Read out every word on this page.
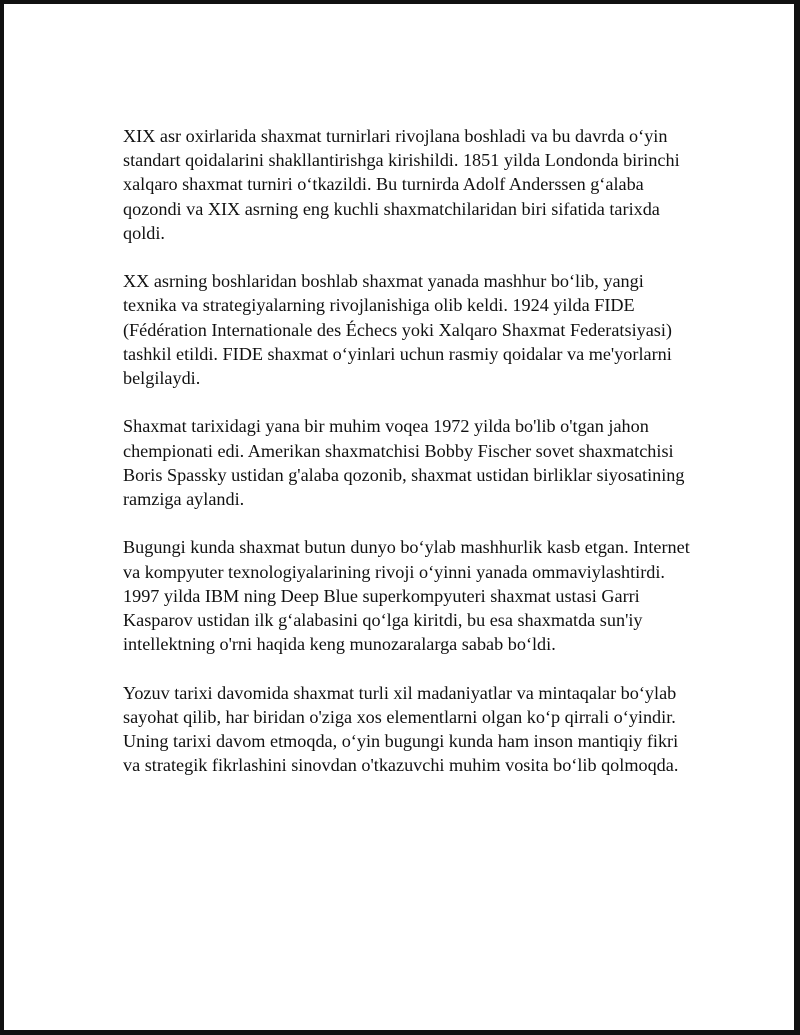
XIX asr oxirlarida shaxmat turnirlari rivojlana boshladi va bu davrda oʻyin standart qoidalarini shakllantirishga kirishildi. 1851 yilda Londonda birinchi xalqaro shaxmat turniri oʻtkazildi. Bu turnirda Adolf Anderssen gʻalaba qozondi va XIX asrning eng kuchli shaxmatchilaridan biri sifatida tarixda qoldi.

XX asrning boshlaridan boshlab shaxmat yanada mashhur boʻlib, yangi texnika va strategiyalarning rivojlanishiga olib keldi. 1924 yilda FIDE (Fédération Internationale des Échecs yoki Xalqaro Shaxmat Federatsiyasi) tashkil etildi. FIDE shaxmat oʻyinlari uchun rasmiy qoidalar va me'yorlarni belgilaydi.

Shaxmat tarixidagi yana bir muhim voqea 1972 yilda bo'lib o'tgan jahon chempionati edi. Amerikan shaxmatchisi Bobby Fischer sovet shaxmatchisi Boris Spassky ustidan g'alaba qozonib, shaxmat ustidan birliklar siyosatining ramziga aylandi.

Bugungi kunda shaxmat butun dunyo boʻylab mashhurlik kasb etgan. Internet va kompyuter texnologiyalarining rivoji oʻyinni yanada ommaviylashtirdi. 1997 yilda IBM ning Deep Blue superkompyuteri shaxmat ustasi Garri Kasparov ustidan ilk gʻalabasini qoʻlga kiritdi, bu esa shaxmatda sun'iy intellektning o'rni haqida keng munozaralarga sabab boʻldi.

Yozuv tarixi davomida shaxmat turli xil madaniyatlar va mintaqalar boʻylab sayohat qilib, har biridan o'ziga xos elementlarni olgan koʻp qirrali oʻyindir. Uning tarixi davom etmoqda, oʻyin bugungi kunda ham inson mantiqiy fikri va strategik fikrlashini sinovdan o'tkazuvchi muhim vosita boʻlib qolmoqda.
